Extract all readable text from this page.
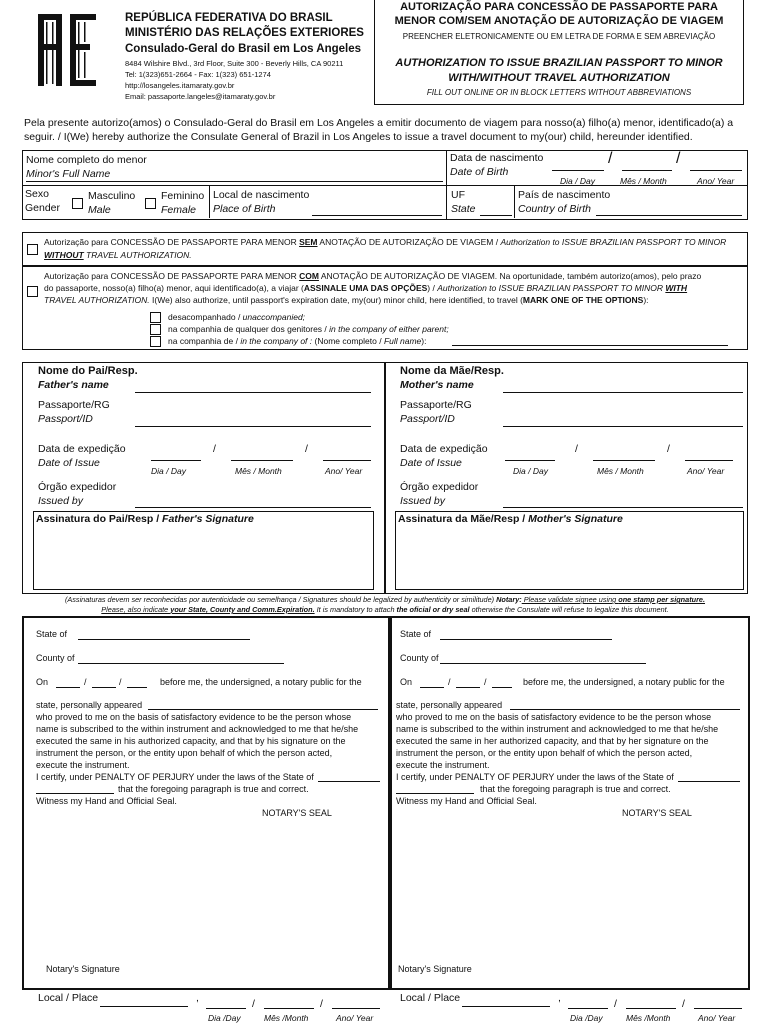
REPÚBLICA FEDERATIVA DO BRASIL
MINISTÉRIO DAS RELAÇÕES EXTERIORES
Consulado-Geral do Brasil em Los Angeles
8484 Wilshire Blvd., 3rd Floor, Suite 300 - Beverly Hills, CA 90211
Tel: 1(323)651-2664 - Fax: 1(323) 651-1274
http://losangeles.itamaraty.gov.br
Email: passaporte.langeles@itamaraty.gov.br
AUTORIZAÇÃO PARA CONCESSÃO DE PASSAPORTE PARA
MENOR COM/SEM ANOTAÇÃO DE AUTORIZAÇÃO DE VIAGEM
PREENCHER ELETRONICAMENTE OU EM LETRA DE FORMA E SEM ABREVIAÇÃO
AUTHORIZATION TO ISSUE BRAZILIAN PASSPORT TO MINOR
WITH/WITHOUT TRAVEL AUTHORIZATION
FILL OUT ONLINE OR IN BLOCK LETTERS WITHOUT ABBREVIATIONS
Pela presente autorizo(amos) o Consulado-Geral do Brasil em Los Angeles a emitir documento de viagem para nosso(a) filho(a) menor, identificado(a) a
seguir. / I(We) hereby authorize the Consulate General of Brazil in Los Angeles to issue a travel document to my(our) child, hereunder identified.
Nome completo do menor
Minor's Full Name
Data de nascimento
Date of Birth
/	/
Dia / Day	Mês / Month	Ano/ Year
Sexo
Gender
Masculino
Male
Feminino
Female
Local de nascimento
Place of Birth
UF
State
País de nascimento
Country of Birth
Autorização para CONCESSÃO DE PASSAPORTE PARA MENOR SEM ANOTAÇÃO DE AUTORIZAÇÃO DE VIAGEM / Authorization to ISSUE BRAZILIAN PASSPORT TO MINOR
WITHOUT TRAVEL AUTHORIZATION.
Autorização para CONCESSÃO DE PASSAPORTE PARA MENOR COM ANOTAÇÃO DE AUTORIZAÇÃO DE VIAGEM. Na oportunidade, também autorizo(amos), pelo prazo
do passaporte, nosso(a) filho(a) menor, aqui identificado(a), a viajar (ASSINALE UMA DAS OPÇÕES) / Authorization to ISSUE BRAZILIAN PASSPORT TO MINOR WITH
TRAVEL AUTHORIZATION. I(We) also authorize, until passport's expiration date, my(our) minor child, here identified, to travel (MARK ONE OF THE OPTIONS):
desacompanhado / unaccompanied;
na companhia de qualquer dos genitores / in the company of either parent;
na companhia de / in the company of : (Nome completo / Full name):
Nome do Pai/Resp.
Father's name
Passaporte/RG
Passport/ID
Data de expedição
Date of Issue
/	/
Dia / Day	Mês / Month	Ano/ Year
Órgão expedidor
Issued by
Assinatura do Pai/Resp / Father's Signature
Nome da Mãe/Resp.
Mother's name
Passaporte/RG
Passport/ID
Data de expedição
Date of Issue
/	/
Dia / Day	Mês / Month	Ano/ Year
Órgão expedidor
Issued by
Assinatura da Mãe/Resp / Mother's Signature
(Assinaturas devem ser reconhecidas por autenticidade ou semelhança / Signatures should be legalized by authenticity or similitude) Notary: Please validate signee using one stamp per signature.
Please, also indicate your State, County and Comm.Expiration. It is mandatory to attach the oficial or dry seal otherwise the Consulate will refuse to legalize this document.
State of
County of
On	/	/	before me, the undersigned, a notary public for the
state, personally appeared
who proved to me on the basis of satisfactory evidence to be the person whose
name is subscribed to the within instrument and acknowledged to me that he/she
executed the same in his authorized capacity, and that by his signature on the
instrument the person, or the entity upon behalf of which the person acted,
execute the instrument.
I certify, under PENALTY OF PERJURY under the laws of the State of
that the foregoing paragraph is true and correct.
Witness my Hand and Official Seal.
NOTARY'S SEAL
Notary's Signature
Local / Place	,	/	/
Dia /Day	Mês /Month	Ano/ Year
State of
County of
On	/	/	before me, the undersigned, a notary public for the
state, personally appeared
who proved to me on the basis of satisfactory evidence to be the person whose
name is subscribed to the within instrument and acknowledged to me that he/she
executed the same in her authorized capacity, and that by her signature on the
instrument the person, or the entity upon behalf of which the person acted,
execute the instrument.
I certify, under PENALTY OF PERJURY under the laws of the State of
that the foregoing paragraph is true and correct.
Witness my Hand and Official Seal.
NOTARY'S SEAL
Notary's Signature
Local / Place	,	/	/
Dia /Day	Mês /Month	Ano/ Year
